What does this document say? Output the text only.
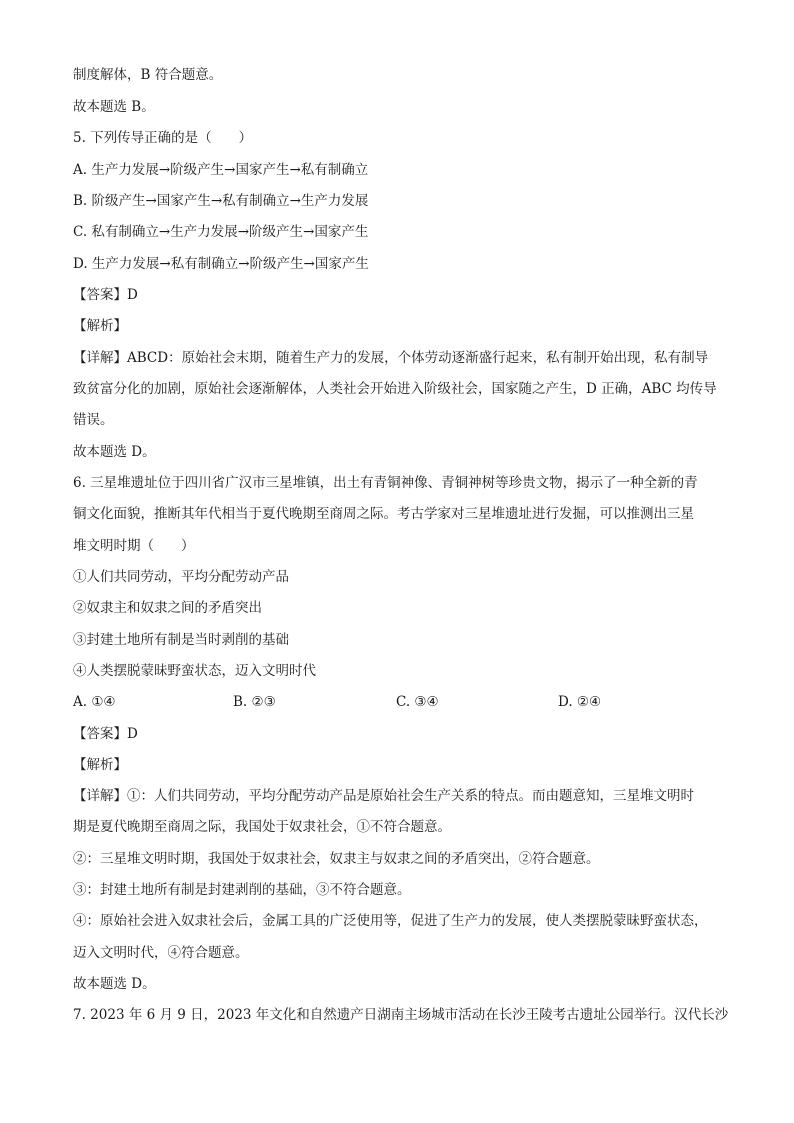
制度解体，B 符合题意。
故本题选 B。
5. 下列传导正确的是（　　）
A. 生产力发展→阶级产生→国家产生→私有制确立
B. 阶级产生→国家产生→私有制确立→生产力发展
C. 私有制确立→生产力发展→阶级产生→国家产生
D. 生产力发展→私有制确立→阶级产生→国家产生
【答案】D
【解析】
【详解】ABCD：原始社会末期，随着生产力的发展，个体劳动逐渐盛行起来，私有制开始出现，私有制导
致贫富分化的加剧，原始社会逐渐解体，人类社会开始进入阶级社会，国家随之产生，D 正确，ABC 均传导
错误。
故本题选 D。
6. 三星堆遗址位于四川省广汉市三星堆镇，出土有青铜神像、青铜神树等珍贵文物，揭示了一种全新的青
铜文化面貌，推断其年代相当于夏代晚期至商周之际。考古学家对三星堆遗址进行发掘，可以推测出三星
堆文明时期（　　）
①人们共同劳动，平均分配劳动产品
②奴隶主和奴隶之间的矛盾突出
③封建土地所有制是当时剥削的基础
④人类摆脱蒙昧野蛮状态，迈入文明时代
A. ①④	B. ②③	C. ③④	D. ②④
【答案】D
【解析】
【详解】①：人们共同劳动，平均分配劳动产品是原始社会生产关系的特点。而由题意知，三星堆文明时
期是夏代晚期至商周之际，我国处于奴隶社会，①不符合题意。
②：三星堆文明时期，我国处于奴隶社会，奴隶主与奴隶之间的矛盾突出，②符合题意。
③：封建土地所有制是封建剥削的基础，③不符合题意。
④：原始社会进入奴隶社会后，金属工具的广泛使用等，促进了生产力的发展，使人类摆脱蒙昧野蛮状态，
迈入文明时代，④符合题意。
故本题选 D。
7. 2023 年 6 月 9 日，2023 年文化和自然遗产日湖南主场城市活动在长沙王陵考古遗址公园举行。汉代长沙
